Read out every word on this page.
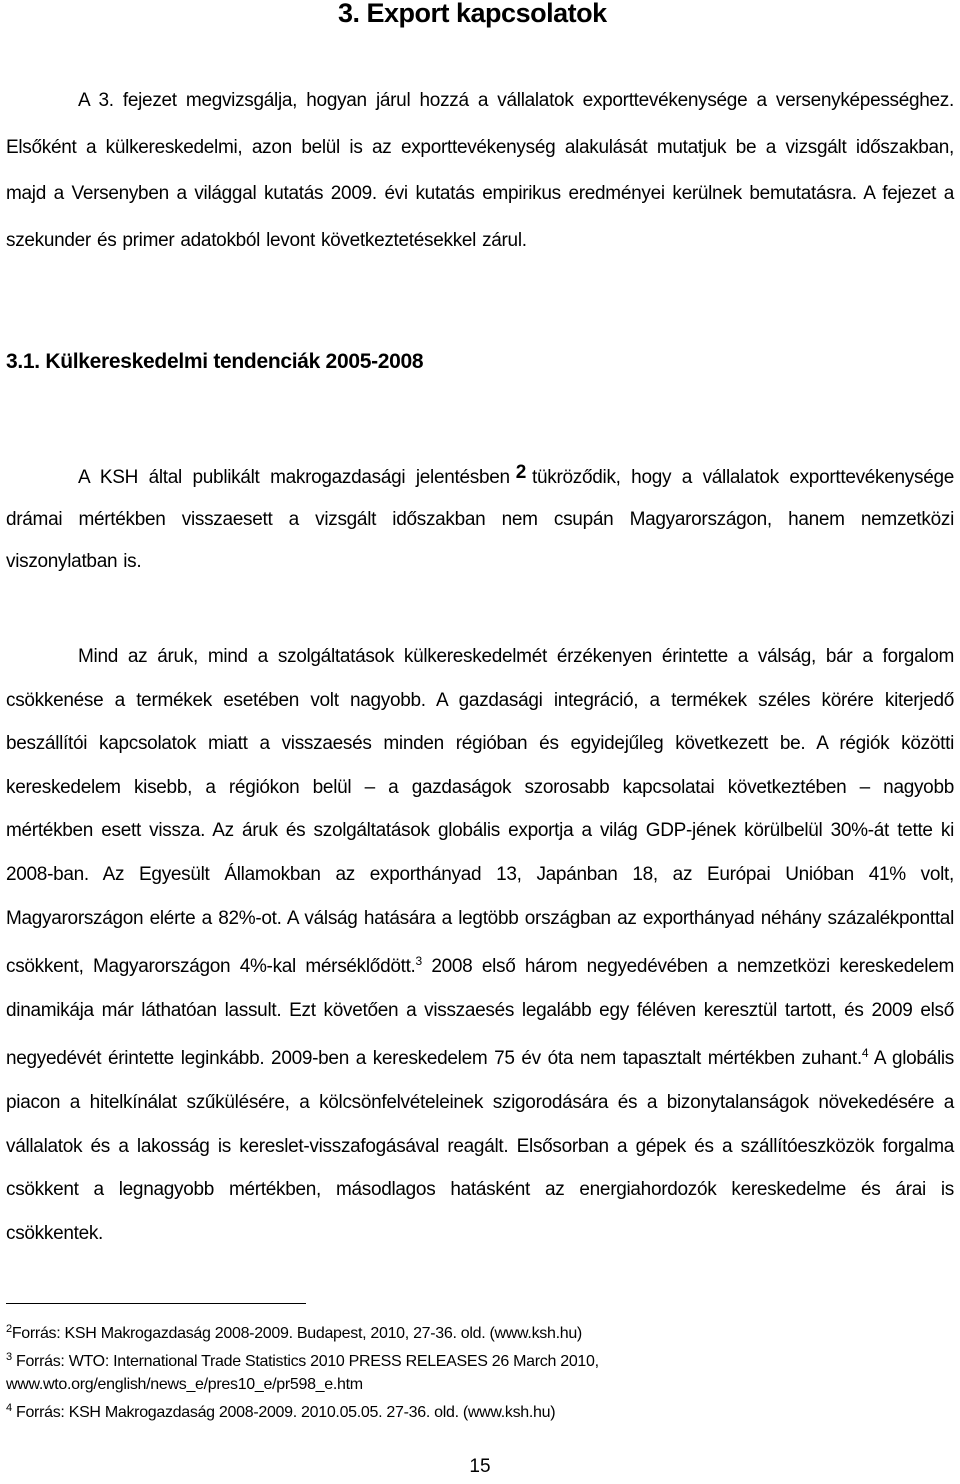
3. Export kapcsolatok

A 3. fejezet megvizsgálja, hogyan járul hozzá a vállalatok exporttevékenysége a versenyképességhez. Elsőként a külkereskedelmi, azon belül is az exporttevékenység alakulását mutatjuk be a vizsgált időszakban, majd a Versenyben a világgal kutatás 2009. évi kutatás empirikus eredményei kerülnek bemutatásra. A fejezet a szekunder és primer adatokból levont következtetésekkel zárul.

3.1. Külkereskedelmi tendenciák 2005-2008

A KSH által publikált makrogazdasági jelentésben 2 tükröződik, hogy a vállalatok exporttevékenysége drámai mértékben visszaesett a vizsgált időszakban nem csupán Magyarországon, hanem nemzetközi viszonylatban is.

Mind az áruk, mind a szolgáltatások külkereskedelmét érzékenyen érintette a válság, bár a forgalom csökkenése a termékek esetében volt nagyobb. A gazdasági integráció, a termékek széles körére kiterjedő beszállítói kapcsolatok miatt a visszaesés minden régióban és egyidejűleg következett be. A régiók közötti kereskedelem kisebb, a régiókon belül – a gazdaságok szorosabb kapcsolatai következtében – nagyobb mértékben esett vissza. Az áruk és szolgáltatások globális exportja a világ GDP-jének körülbelül 30%-át tette ki 2008-ban. Az Egyesült Államokban az exporthányad 13, Japánban 18, az Európai Unióban 41% volt, Magyarországon elérte a 82%-ot. A válság hatására a legtöbb országban az exporthányad néhány százalékponttal csökkent, Magyarországon 4%-kal mérséklődött.$^3$ 2008 első három negyedévében a nemzetközi kereskedelem dinamikája már láthatóan lassult. Ezt követően a visszaesés legalább egy féléven keresztül tartott, és 2009 első negyedévét érintette leginkább. 2009-ben a kereskedelem 75 év óta nem tapasztalt mértékben zuhant.$^4$ A globális piacon a hitelkínálat szűkülésére, a kölcsönfelvételeinek szigorodására és a bizonytalanságok növekedésére a vállalatok és a lakosság is kereslet-visszafogásával reagált. Elsősorban a gépek és a szállítóeszközök forgalma csökkent a legnagyobb mértékben, másodlagos hatásként az energiahordozók kereskedelme és árai is csökkentek.

$^2$Forrás: KSH Makrogazdaság 2008-2009. Budapest, 2010, 27-36. old. (www.ksh.hu)

$^3$ Forrás: WTO: International Trade Statistics 2010 PRESS RELEASES 26 March 2010, www.wto.org/english/news_e/pres10_e/pr598_e.htm

$^4$ Forrás: KSH Makrogazdaság 2008-2009. 2010.05.05. 27-36. old. (www.ksh.hu)

15
